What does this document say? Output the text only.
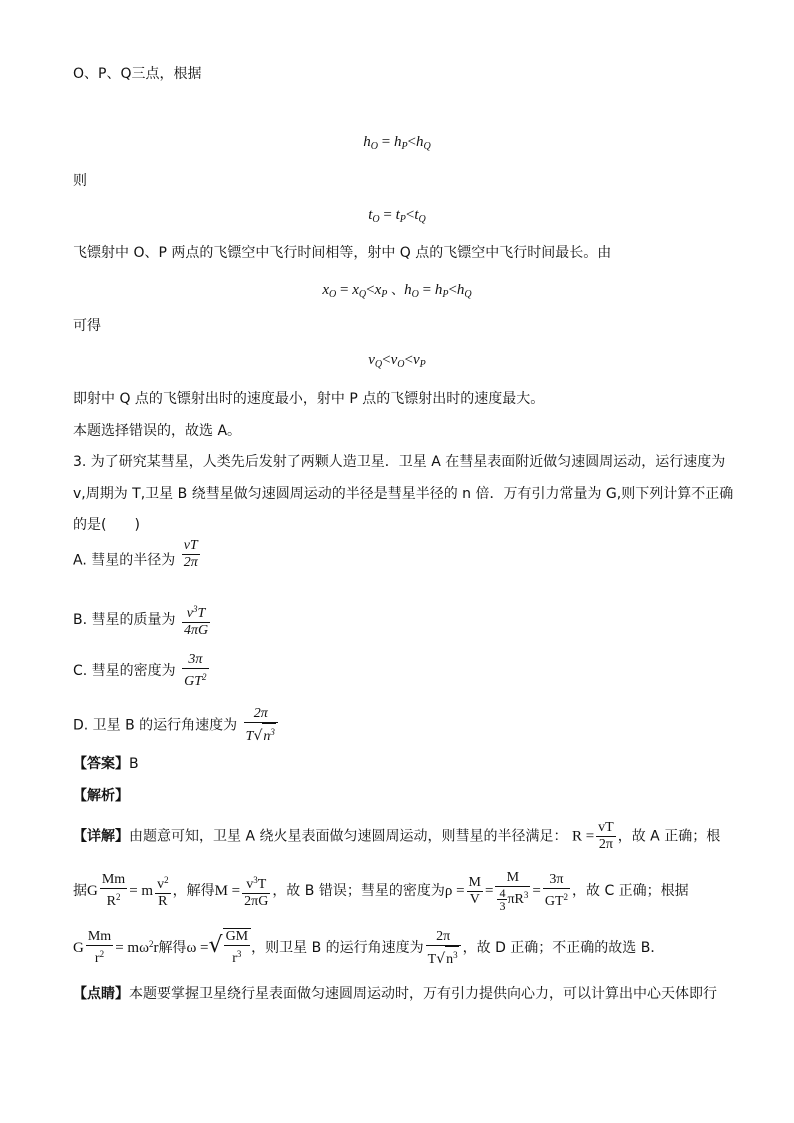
O、P、Q三点，根据
$h_O = h_P<h_Q$
则
$t_O = t_P<t_Q$
飞镖射中 O、P 两点的飞镖空中飞行时间相等，射中 Q 点的飞镖空中飞行时间最长。由
$x_O = x_Q<x_P$ 、$h_O = h_P<h_Q$
可得
$v_Q<v_O<v_P$
即射中 Q 点的飞镖射出时的速度最小，射中 P 点的飞镖射出时的速度最大。
本题选择错误的，故选 A。
3. 为了研究某彗星，人类先后发射了两颗人造卫星．卫星 A 在彗星表面附近做匀速圆周运动，运行速度为
v,周期为 T,卫星 B 绕彗星做匀速圆周运动的半径是彗星半径的 n 倍．万有引力常量为 G,则下列计算不正确
的是(　　)
A. 彗星的半径为 $\frac{vT}{2\pi}$
B. 彗星的质量为 $\frac{v^3T}{4\pi G}$
C. 彗星的密度为 $\frac{3\pi}{GT^2}$
D. 卫星 B 的运行角速度为 $\frac{2\pi}{T√n^3}$
【答案】B
【解析】
【详解】由题意可知，卫星 A 绕火星表面做匀速圆周运动，则彗星的半径满足： $R = \frac{vT}{2\pi}$ ，故 A 正确；根
据G $\frac{Mm}{R^2} = m \frac{v^2}{R}$ ，解得$M = \frac{v^3T}{2\pi G}$ ，故 B 错误；彗星的密度为$\rho = \frac{M}{V} = \frac{M}{\frac{4}{3} \pi R^3} = \frac{3\pi}{GT^2}$ ，故 C 正确；根据
G $\frac{Mm}{r^2} = m\omega^2r$解得ω =√ $\frac{GM}{r^3}$ ，则卫星 B 的运行角速度为 $\frac{2\pi}{T√n^3}$ ，故 D 正确；不正确的故选 B．
【点睛】本题要掌握卫星绕行星表面做匀速圆周运动时，万有引力提供向心力，可以计算出中心天体即行
